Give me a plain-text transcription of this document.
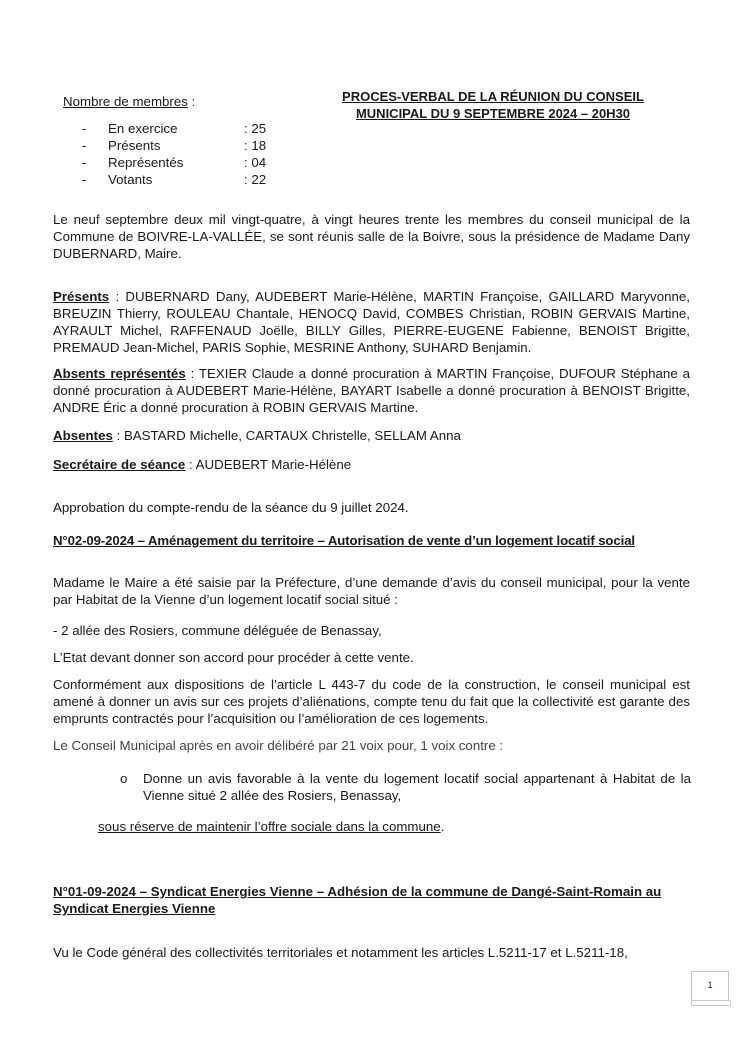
PROCES-VERBAL DE LA RÉUNION DU CONSEIL MUNICIPAL DU 9 SEPTEMBRE 2024 – 20H30
Nombre de membres :
- En exercice	: 25
- Présents	: 18
- Représentés	: 04
- Votants	: 22
Le neuf septembre deux mil vingt-quatre, à vingt heures trente les membres du conseil municipal de la Commune de BOIVRE-LA-VALLÉE, se sont réunis salle de la Boivre, sous la présidence de Madame Dany DUBERNARD, Maire.
Présents : DUBERNARD Dany, AUDEBERT Marie-Hélène, MARTIN Françoise, GAILLARD Maryvonne, BREUZIN Thierry, ROULEAU Chantale, HENOCQ David, COMBES Christian, ROBIN GERVAIS Martine, AYRAULT Michel, RAFFENAUD Joëlle, BILLY Gilles, PIERRE-EUGENE Fabienne, BENOIST Brigitte, PREMAUD Jean-Michel, PARIS Sophie, MESRINE Anthony, SUHARD Benjamin.
Absents représentés : TEXIER Claude a donné procuration à MARTIN Françoise, DUFOUR Stéphane a donné procuration à AUDEBERT Marie-Hélène, BAYART Isabelle a donné procuration à BENOIST Brigitte, ANDRE Éric a donné procuration à ROBIN GERVAIS Martine.
Absentes : BASTARD Michelle, CARTAUX Christelle, SELLAM Anna
Secrétaire de séance : AUDEBERT Marie-Hélène
Approbation du compte-rendu de la séance du 9 juillet 2024.
N°02-09-2024 – Aménagement du territoire – Autorisation de vente d’un logement locatif social
Madame le Maire a été saisie par la Préfecture, d’une demande d’avis du conseil municipal, pour la vente par Habitat de la Vienne d’un logement locatif social situé :
- 2 allée des Rosiers, commune déléguée de Benassay,
L’Etat devant donner son accord pour procéder à cette vente.
Conformément aux dispositions de l’article L 443-7 du code de la construction, le conseil municipal est amené à donner un avis sur ces projets d’aliénations, compte tenu du fait que la collectivité est garante des emprunts contractés pour l’acquisition ou l’amélioration de ces logements.
Le Conseil Municipal après en avoir délibéré par 21 voix pour, 1 voix contre :
o Donne un avis favorable à la vente du logement locatif social appartenant à Habitat de la Vienne situé 2 allée des Rosiers, Benassay,
sous réserve de maintenir l’offre sociale dans la commune.
N°01-09-2024 – Syndicat Energies Vienne – Adhésion de la commune de Dangé-Saint-Romain au Syndicat Energies Vienne
Vu le Code général des collectivités territoriales et notamment les articles L.5211-17 et L.5211-18,
1
